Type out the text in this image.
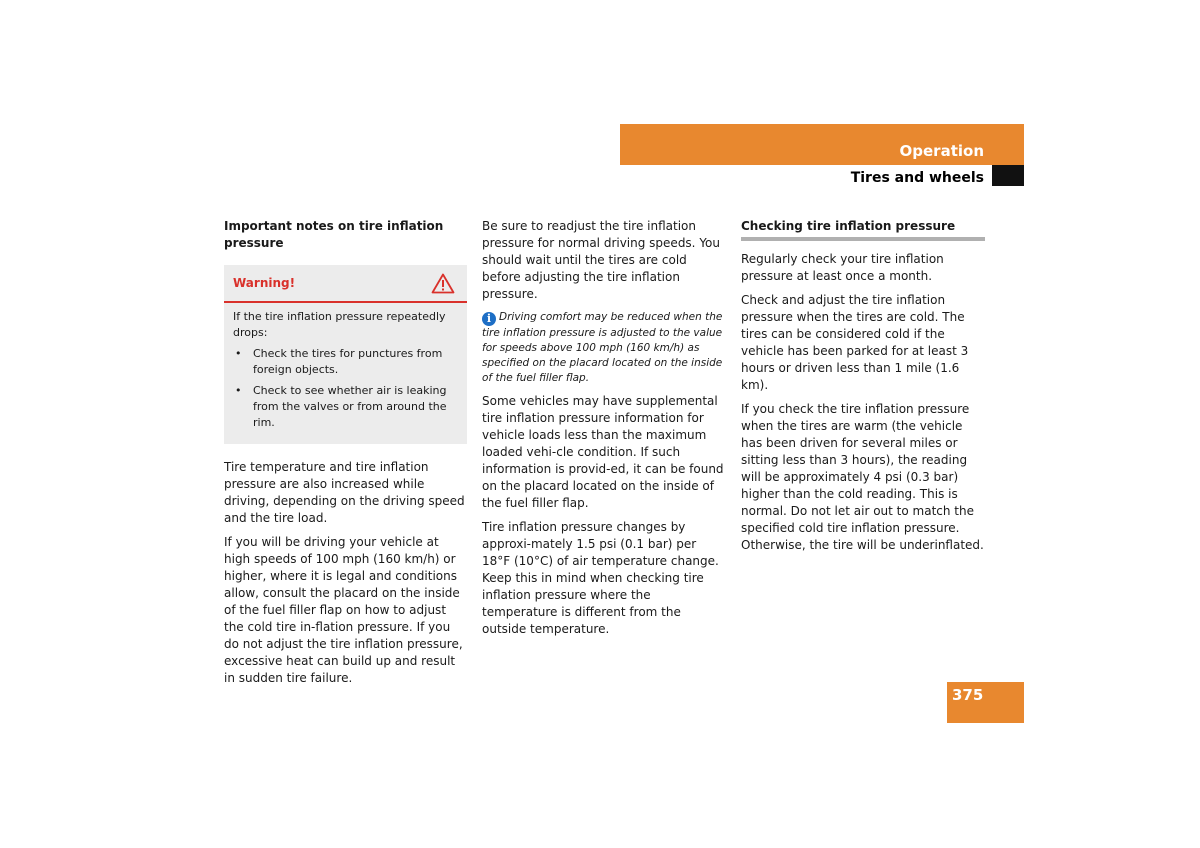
Operation
Tires and wheels

Important notes on tire inflation pressure

Warning!

If the tire inflation pressure repeatedly drops:

• Check the tires for punctures from foreign objects.
• Check to see whether air is leaking from the valves or from around the rim.

Tire temperature and tire inflation pressure are also increased while driving, depending on the driving speed and the tire load.

If you will be driving your vehicle at high speeds of 100 mph (160 km/h) or higher, where it is legal and conditions allow, consult the placard on the inside of the fuel filler flap on how to adjust the cold tire in-flation pressure. If you do not adjust the tire inflation pressure, excessive heat can build up and result in sudden tire failure.

Be sure to readjust the tire inflation pressure for normal driving speeds. You should wait until the tires are cold before adjusting the tire inflation pressure.

i Driving comfort may be reduced when the tire inflation pressure is adjusted to the value for speeds above 100 mph (160 km/h) as specified on the placard located on the inside of the fuel filler flap.

Some vehicles may have supplemental tire inflation pressure information for vehicle loads less than the maximum loaded vehi-cle condition. If such information is provid-ed, it can be found on the placard located on the inside of the fuel filler flap.

Tire inflation pressure changes by approxi-mately 1.5 psi (0.1 bar) per 18°F (10°C) of air temperature change. Keep this in mind when checking tire inflation pressure where the temperature is different from the outside temperature.

Checking tire inflation pressure

Regularly check your tire inflation pressure at least once a month.

Check and adjust the tire inflation pressure when the tires are cold. The tires can be considered cold if the vehicle has been parked for at least 3 hours or driven less than 1 mile (1.6 km).

If you check the tire inflation pressure when the tires are warm (the vehicle has been driven for several miles or sitting less than 3 hours), the reading will be approximately 4 psi (0.3 bar) higher than the cold reading. This is normal. Do not let air out to match the specified cold tire inflation pressure. Otherwise, the tire will be underinflated.

375
